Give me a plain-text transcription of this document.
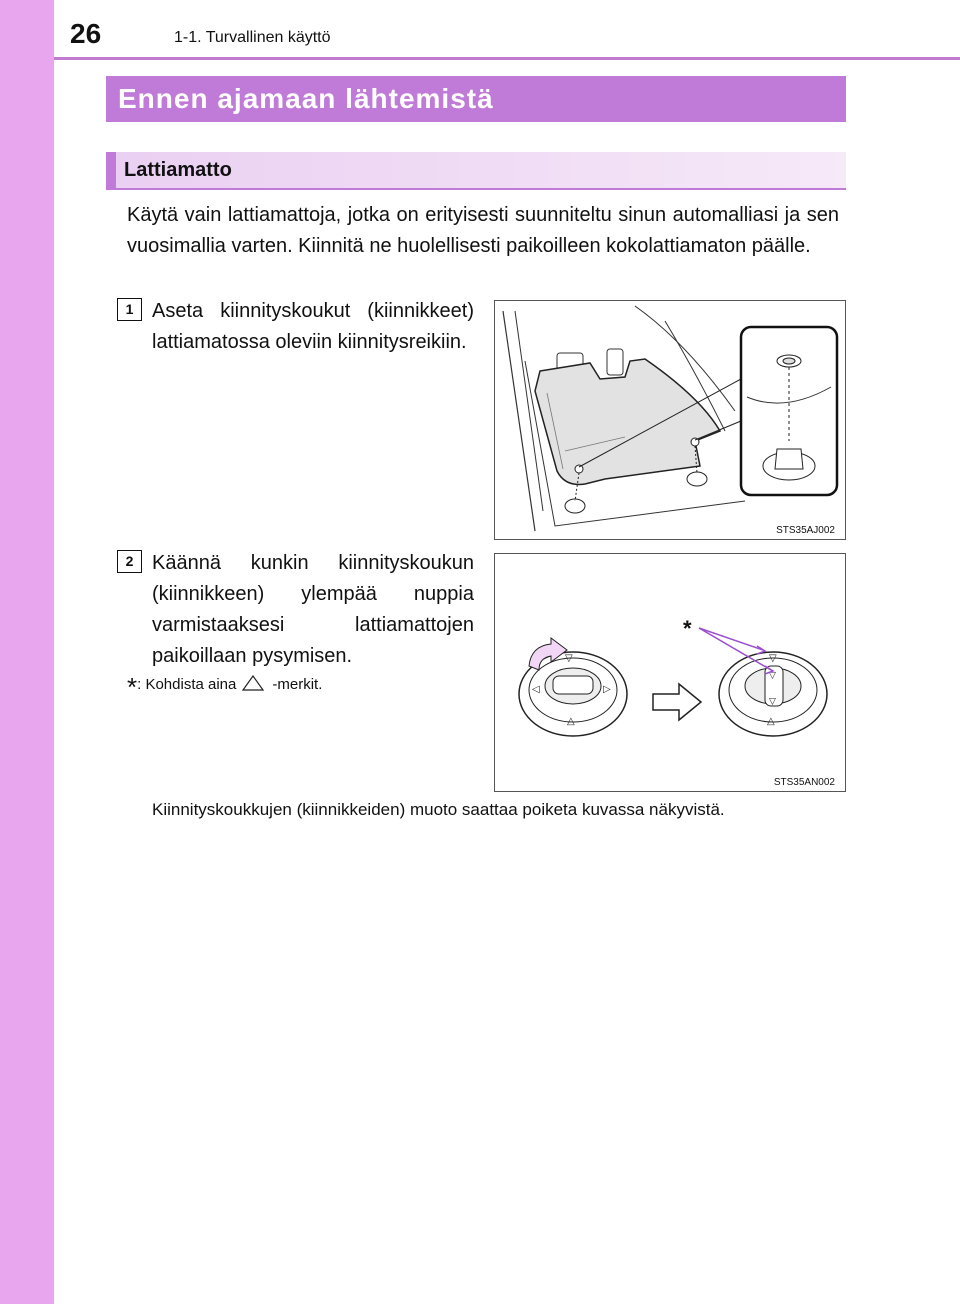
26	1-1. Turvallinen käyttö
Ennen ajamaan lähtemistä
Lattiamatto
Käytä vain lattiamattoja, jotka on erityisesti suunniteltu sinun automalliasi ja sen vuosimallia varten. Kiinnitä ne huolellisesti paikoilleen kokolattiamaton päälle.
1 Aseta kiinnityskoukut (kiinnikkeet) lattiamatossa oleviin kiinnitysreikiin.
STS35AJ002
2 Käännä kunkin kiinnityskoukun (kiinnikkeen) ylempää nuppia varmistaaksesi lattiamattojen paikoillaan pysymisen.	▽
△
◁	▷
▽
△
▽
▽
*
STS35AN002
*: Kohdista aina -merkit.
Kiinnityskoukkujen (kiinnikkeiden) muoto saattaa poiketa kuvassa näkyvistä.
